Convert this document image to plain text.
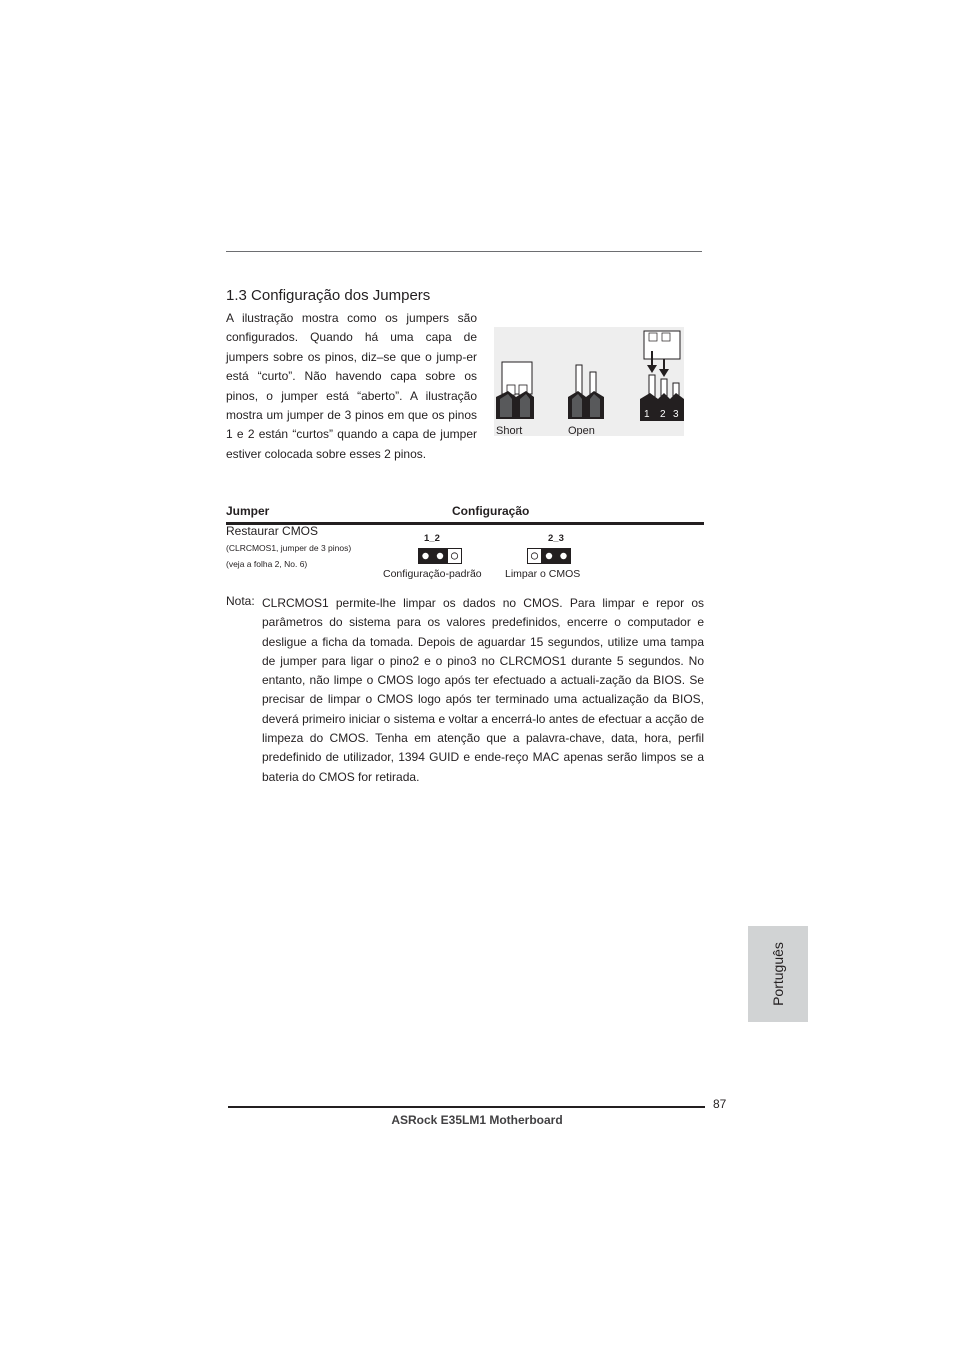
1.3 Configuração dos Jumpers
A ilustração mostra como os jumpers são configurados. Quando há uma capa de jumpers sobre os pinos, diz–se que o jump-er está “curto”. Não havendo capa sobre os pinos, o jumper está “aberto”. A ilustração mostra um jumper de 3 pinos em que os pinos 1 e 2 están “curtos” quando a capa de jumper estiver colocada sobre esses 2 pinos.
Short	Open
1 2 3
Jumper	Configuração
Restaurar CMOS
(CLRCMOS1, jumper de 3 pinos)
(veja a folha 2, No. 6)
1_2
Configuração-padrão
2_3
Limpar o CMOS
Nota: CLRCMOS1 permite-lhe limpar os dados no CMOS. Para limpar e repor os parâmetros do sistema para os valores predefinidos, encerre o computador e desligue a ficha da tomada. Depois de aguardar 15 segundos, utilize uma tampa de jumper para ligar o pino2 e o pino3 no CLRCMOS1 durante 5 segundos. No entanto, não limpe o CMOS logo após ter efectuado a actuali-zação da BIOS. Se precisar de limpar o CMOS logo após ter terminado uma actualização da BIOS, deverá primeiro iniciar o sistema e voltar a encerrá-lo antes de efectuar a acção de limpeza do CMOS. Tenha em atenção que a palavra-chave, data, hora, perfil predefinido de utilizador, 1394 GUID e ende-reço MAC apenas serão limpos se a bateria do CMOS for retirada.
Português
87
ASRock E35LM1 Motherboard
